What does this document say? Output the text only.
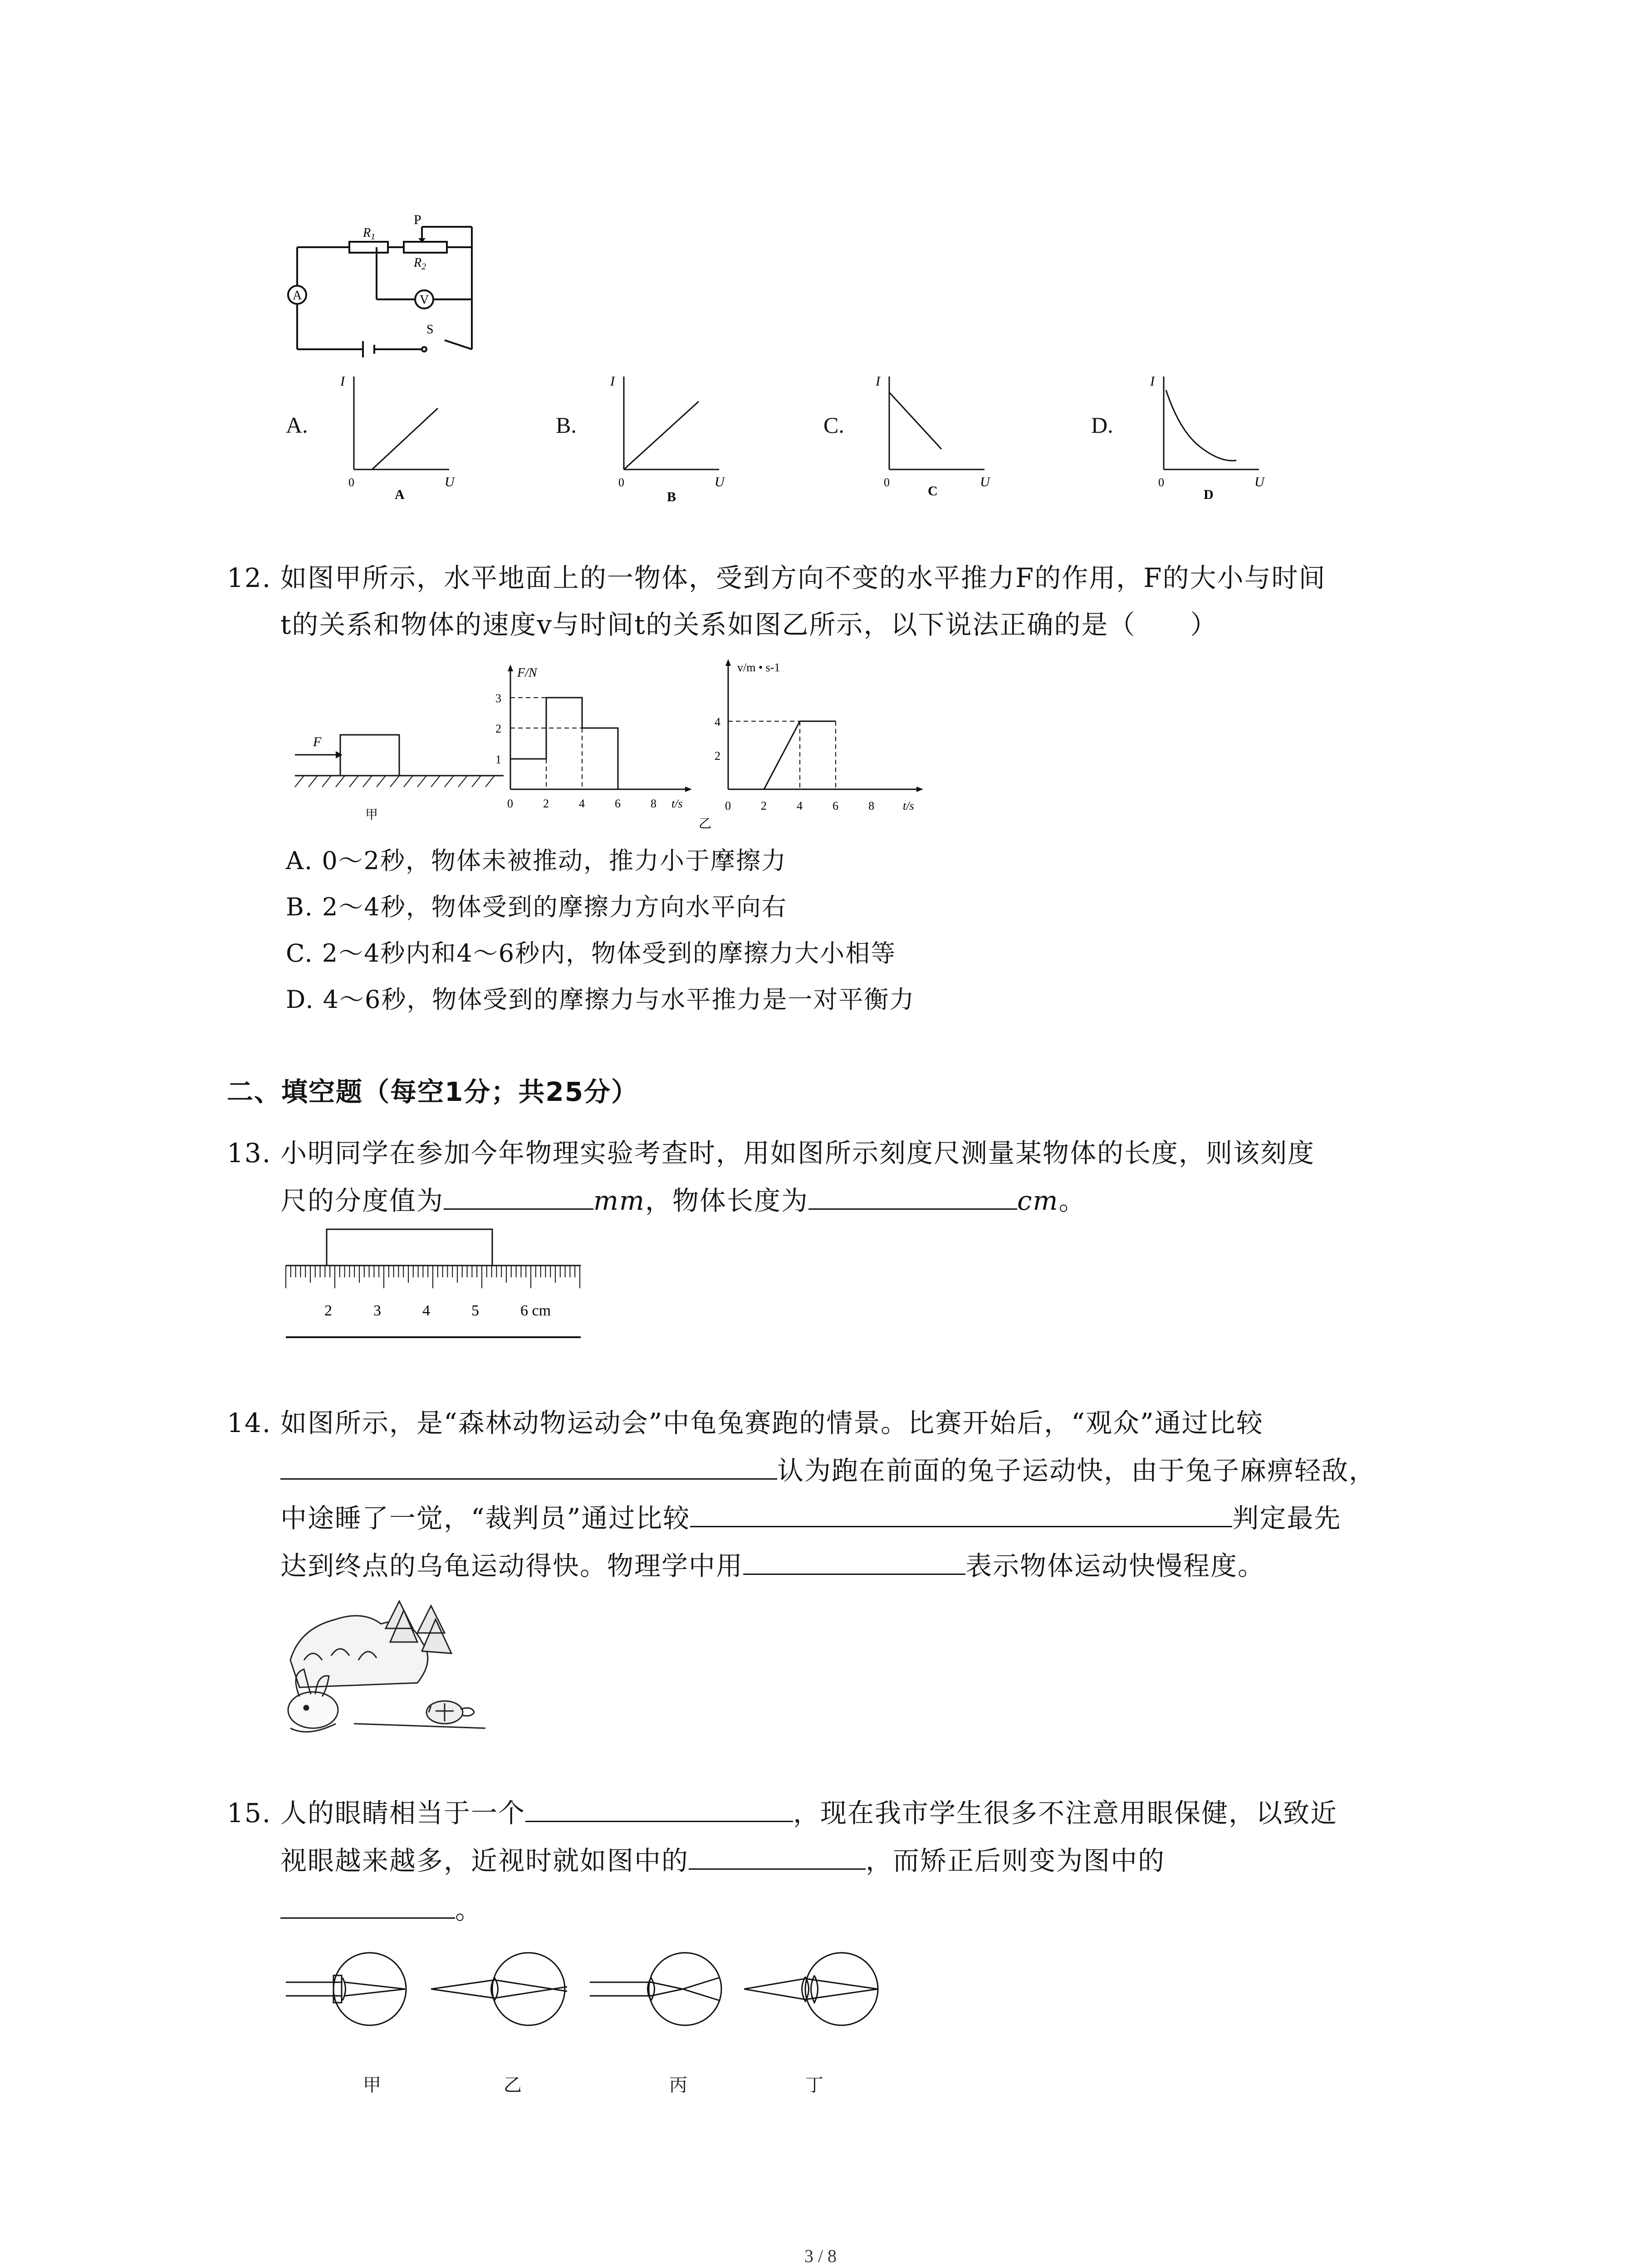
$R_1$
P
$R_2$
A	V
S
A.
I
0	U
A
B.
I
0	U
B
C.
I
0	U
C
D.
I
0	U
D
12. 如图甲所示，水平地面上的一物体，受到方向不变的水平推力F的作用，F的大小与时间
t的关系和物体的速度v与时间t的关系如图乙所示，以下说法正确的是（　　）
F
甲
F/N
3
2
1
0	2	4	6	8 t/s
v/m • s-1
4
2
0	2	4	6	8 t/s
乙
A. 0～2秒，物体未被推动，推力小于摩擦力
B. 2～4秒，物体受到的摩擦力方向水平向右
C. 2～4秒内和4～6秒内，物体受到的摩擦力大小相等
D. 4～6秒，物体受到的摩擦力与水平推力是一对平衡力
二、填空题（每空1分；共25分）
13. 小明同学在参加今年物理实验考查时，用如图所示刻度尺测量某物体的长度，则该刻度
尺的分度值为	mm，物体长度为	cm。
2	3	4	5	6 cm
14. 如图所示，是“森林动物运动会”中龟兔赛跑的情景。比赛开始后，“观众”通过比较
认为跑在前面的兔子运动快，由于兔子麻痹轻敌，
中途睡了一觉，“裁判员”通过比较	判定最先
达到终点的乌龟运动得快。物理学中用	表示物体运动快慢程度。
15. 人的眼睛相当于一个	，现在我市学生很多不注意用眼保健，以致近
视眼越来越多，近视时就如图中的	，而矫正后则变为图中的
。
甲	乙	丙	丁
3 / 8
